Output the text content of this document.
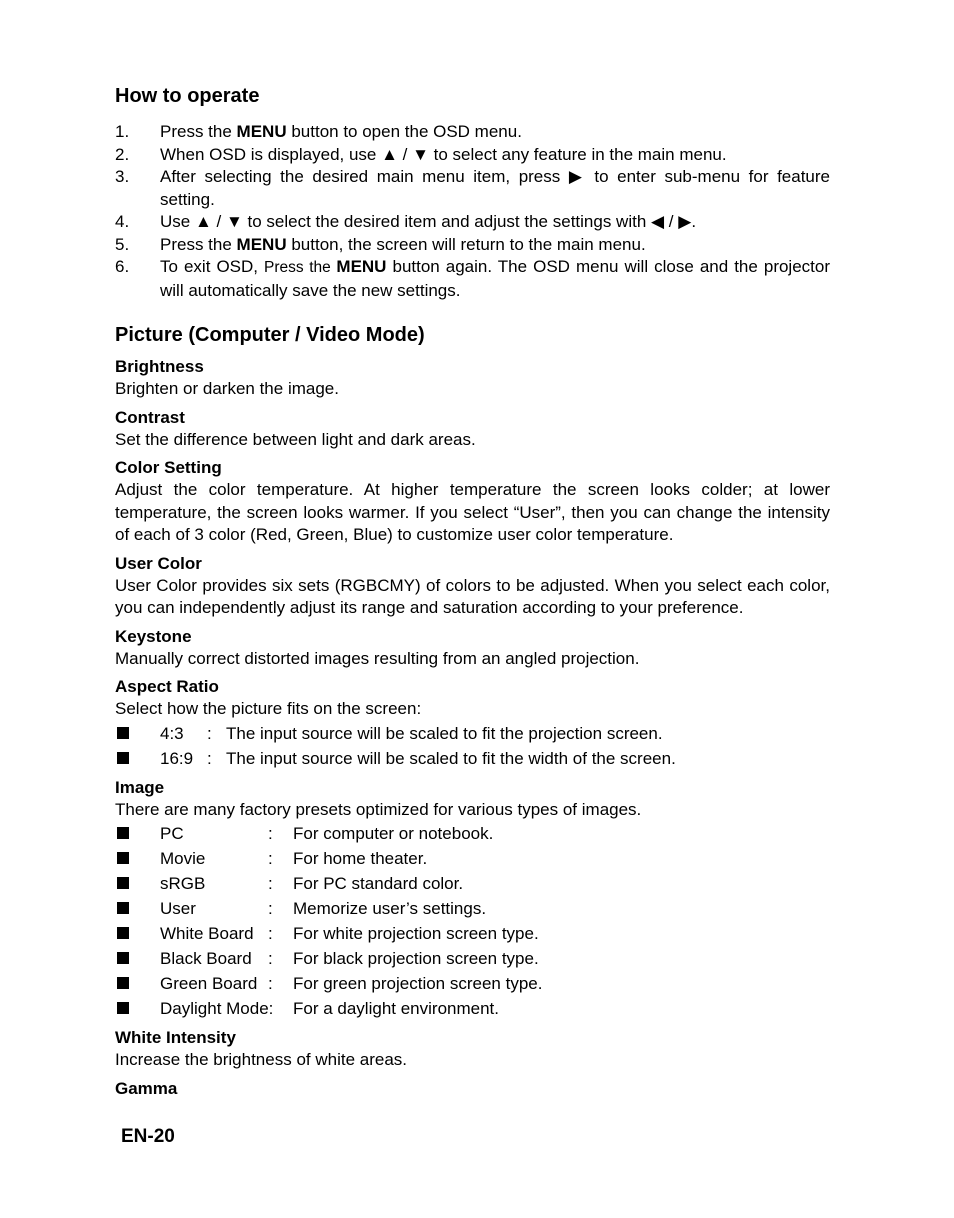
How to operate
1.	Press the MENU button to open the OSD menu.
2.	When OSD is displayed, use ▲ / ▼ to select any feature in the main menu.
3.	After selecting the desired main menu item, press ▶ to enter sub-menu for feature setting.
4.	Use ▲ / ▼ to select the desired item and adjust the settings with ◀ / ▶.
5.	Press the MENU button, the screen will return to the main menu.
6.	To exit OSD, Press the MENU button again. The OSD menu will close and the projector will automatically save the new settings.
Picture (Computer / Video Mode)
Brightness

Brighten or darken the image.

Contrast

Set the difference between light and dark areas.

Color Setting

Adjust the color temperature. At higher temperature the screen looks colder; at lower temperature, the screen looks warmer. If you select “User”, then you can change the intensity of each of 3 color (Red, Green, Blue) to customize user color temperature.

User Color

User Color provides six sets (RGBCMY) of colors to be adjusted. When you select each color, you can independently adjust its range and saturation according to your preference.

Keystone

Manually correct distorted images resulting from an angled projection.

Aspect Ratio

Select how the picture fits on the screen:

4:3	: The input source will be scaled to fit the projection screen.
16:9 : The input source will be scaled to fit the width of the screen.
Image

There are many factory presets optimized for various types of images.

PC	:	For computer or notebook.
Movie	:	For home theater.
sRGB	:	For PC standard color.
User	:	Memorize user’s settings.
White Board :	For white projection screen type.
Black Board :	For black projection screen type.
Green Board :	For green projection screen type.
Daylight Mode:	For a daylight environment.
White Intensity

Increase the brightness of white areas.

Gamma
EN-20
